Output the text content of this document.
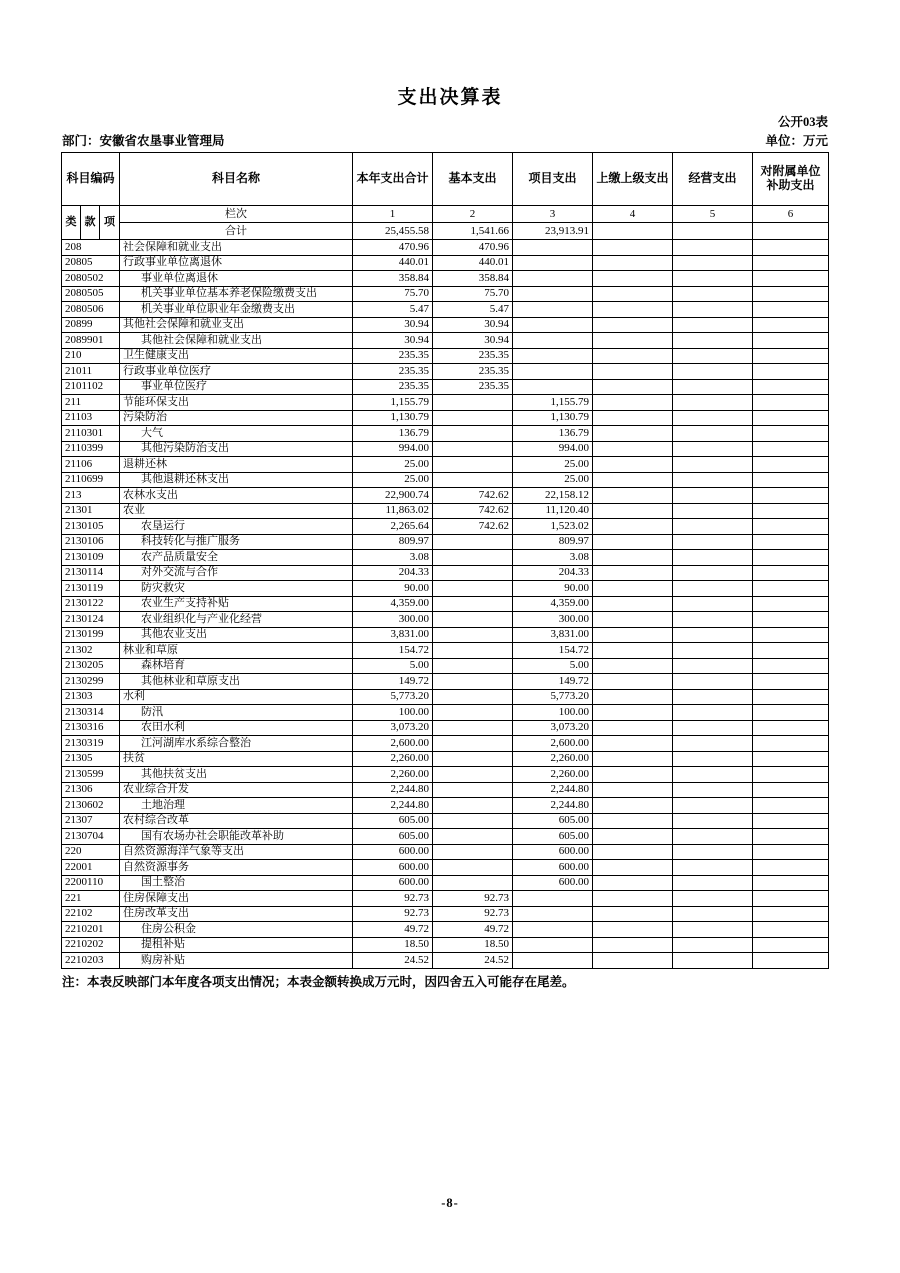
支出决算表
公开03表
部门：安徽省农垦事业管理局	单位：万元
科目编码			科目名称	本年支出合计	基本支出	项目支出	上缴上级支出	经营支出	对附属单位补助支出
类	款	项	栏次	1	2	3	4	5	6
			合计	25,455.58	1,541.66	23,913.91			
208			社会保障和就业支出	470.96	470.96				
20805			行政事业单位离退休	440.01	440.01				
2080502			事业单位离退休	358.84	358.84				
2080505			机关事业单位基本养老保险缴费支出	75.70	75.70				
2080506			机关事业单位职业年金缴费支出	5.47	5.47				
20899			其他社会保障和就业支出	30.94	30.94				
2089901			其他社会保障和就业支出	30.94	30.94				
210			卫生健康支出	235.35	235.35				
21011			行政事业单位医疗	235.35	235.35				
2101102			事业单位医疗	235.35	235.35				
211			节能环保支出	1,155.79		1,155.79			
21103			污染防治	1,130.79		1,130.79			
2110301			大气	136.79		136.79			
2110399			其他污染防治支出	994.00		994.00			
21106			退耕还林	25.00		25.00			
2110699			其他退耕还林支出	25.00		25.00			
213			农林水支出	22,900.74	742.62	22,158.12			
21301			农业	11,863.02	742.62	11,120.40			
2130105			农垦运行	2,265.64	742.62	1,523.02			
2130106			科技转化与推广服务	809.97		809.97			
2130109			农产品质量安全	3.08		3.08			
2130114			对外交流与合作	204.33		204.33			
2130119			防灾救灾	90.00		90.00			
2130122			农业生产支持补贴	4,359.00		4,359.00			
2130124			农业组织化与产业化经营	300.00		300.00			
2130199			其他农业支出	3,831.00		3,831.00			
21302			林业和草原	154.72		154.72			
2130205			森林培育	5.00		5.00			
2130299			其他林业和草原支出	149.72		149.72			
21303			水利	5,773.20		5,773.20			
2130314			防汛	100.00		100.00			
2130316			农田水利	3,073.20		3,073.20			
2130319			江河湖库水系综合整治	2,600.00		2,600.00			
21305			扶贫	2,260.00		2,260.00			
2130599			其他扶贫支出	2,260.00		2,260.00			
21306			农业综合开发	2,244.80		2,244.80			
2130602			土地治理	2,244.80		2,244.80			
21307			农村综合改革	605.00		605.00			
2130704			国有农场办社会职能改革补助	605.00		605.00			
220			自然资源海洋气象等支出	600.00		600.00			
22001			自然资源事务	600.00		600.00			
2200110			国土整治	600.00		600.00			
221			住房保障支出	92.73	92.73				
22102			住房改革支出	92.73	92.73				
2210201			住房公积金	49.72	49.72				
2210202			提租补贴	18.50	18.50				
2210203			购房补贴	24.52	24.52				
注：本表反映部门本年度各项支出情况；本表金额转换成万元时，因四舍五入可能存在尾差。
-8-
